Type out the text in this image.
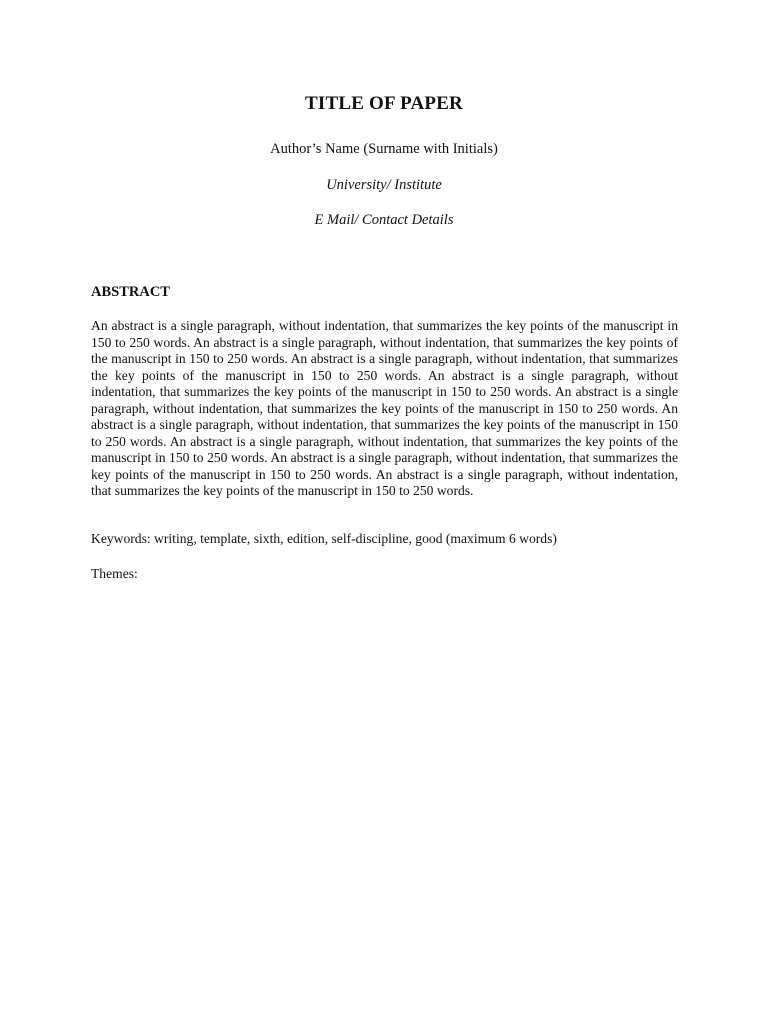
TITLE OF PAPER
Author’s Name (Surname with Initials)
University/ Institute
E Mail/ Contact Details
ABSTRACT
An abstract is a single paragraph, without indentation, that summarizes the key points of the manuscript in 150 to 250 words. An abstract is a single paragraph, without indentation, that summarizes the key points of the manuscript in 150 to 250 words. An abstract is a single paragraph, without indentation, that summarizes the key points of the manuscript in 150 to 250 words. An abstract is a single paragraph, without indentation, that summarizes the key points of the manuscript in 150 to 250 words. An abstract is a single paragraph, without indentation, that summarizes the key points of the manuscript in 150 to 250 words. An abstract is a single paragraph, without indentation, that summarizes the key points of the manuscript in 150 to 250 words. An abstract is a single paragraph, without indentation, that summarizes the key points of the manuscript in 150 to 250 words. An abstract is a single paragraph, without indentation, that summarizes the key points of the manuscript in 150 to 250 words. An abstract is a single paragraph, without indentation, that summarizes the key points of the manuscript in 150 to 250 words.
Keywords: writing, template, sixth, edition, self-discipline, good (maximum 6 words)
Themes:
